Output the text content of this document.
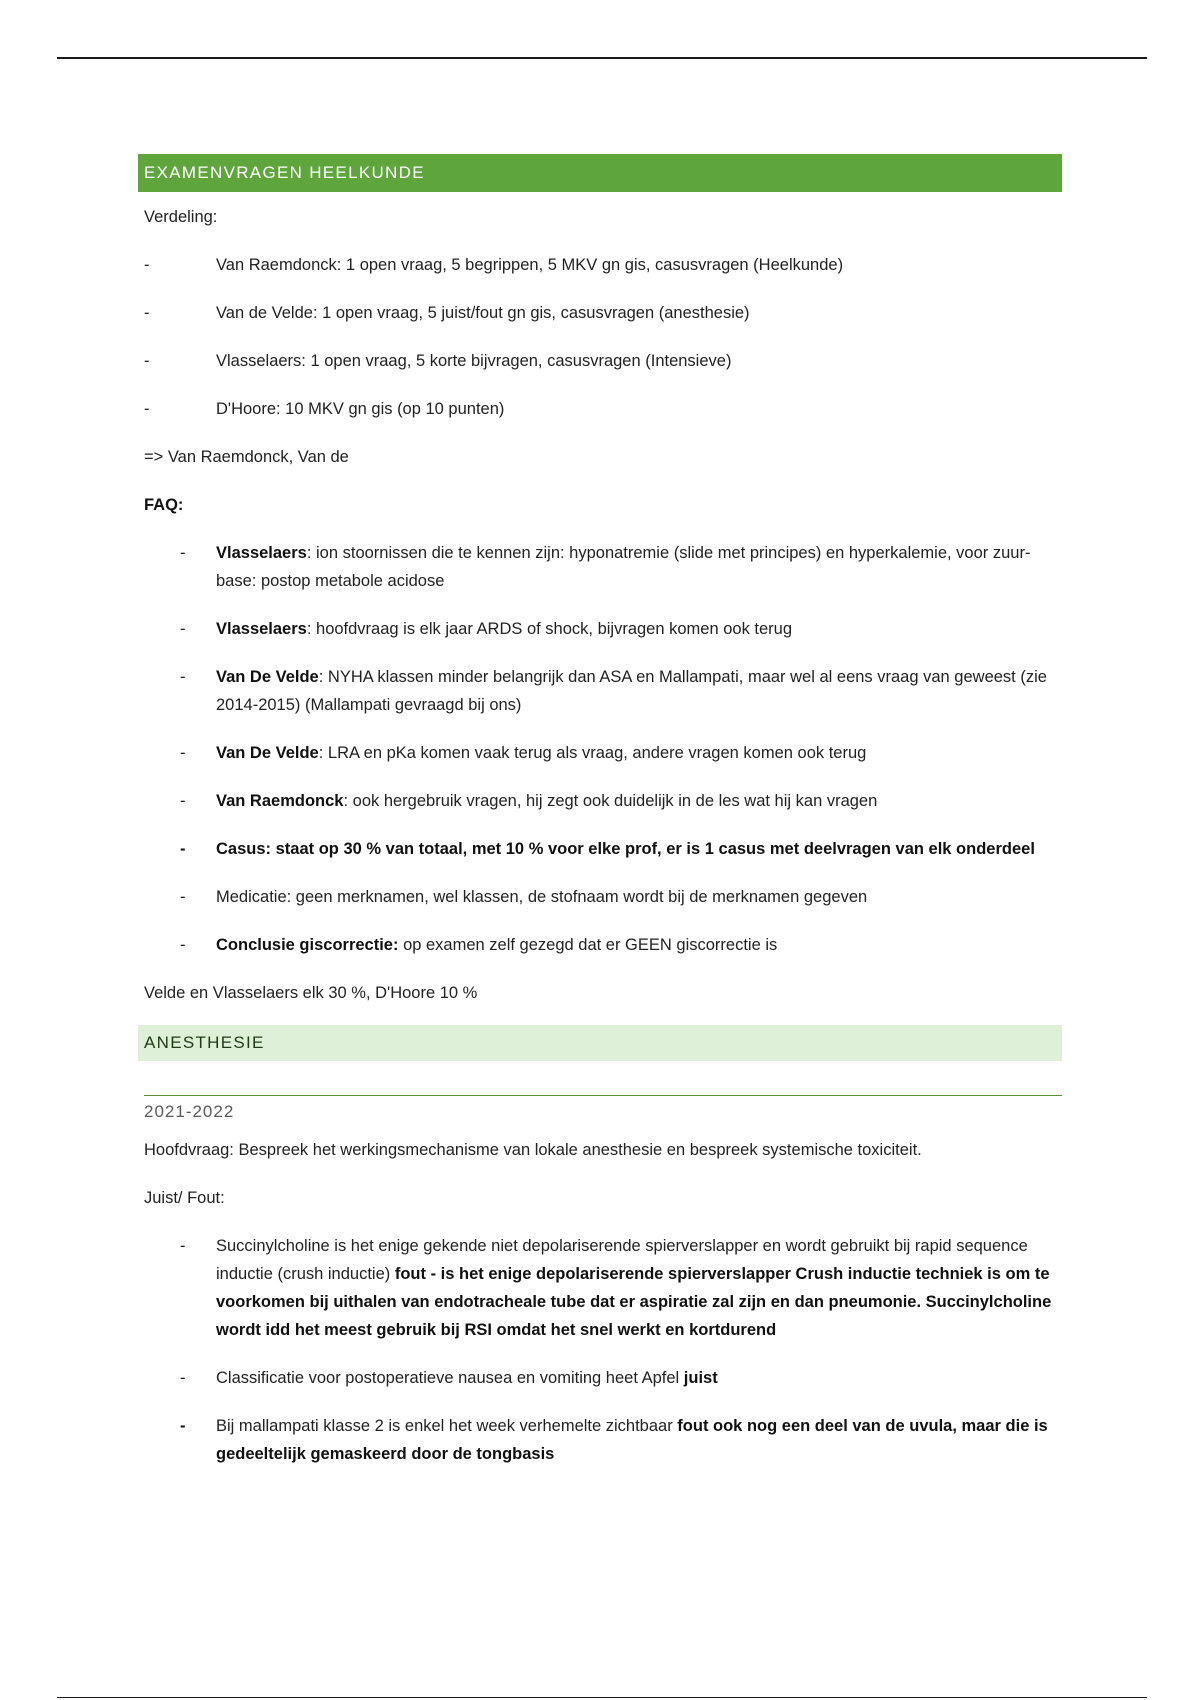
EXAMENVRAGEN HEELKUNDE

Verdeling:

-	Van Raemdonck: 1 open vraag, 5 begrippen, 5 MKV gn gis, casusvragen (Heelkunde)
-	Van de Velde: 1 open vraag, 5 juist/fout gn gis, casusvragen (anesthesie)
-	Vlasselaers: 1 open vraag, 5 korte bijvragen, casusvragen (Intensieve)
-	D'Hoore: 10 MKV gn gis (op 10 punten)

=> Van Raemdonck, Van de

FAQ:

- Vlasselaers: ion stoornissen die te kennen zijn: hyponatremie (slide met principes) en hyperkalemie, voor zuur-base: postop metabole acidose
- Vlasselaers: hoofdvraag is elk jaar ARDS of shock, bijvragen komen ook terug
- Van De Velde: NYHA klassen minder belangrijk dan ASA en Mallampati, maar wel al eens vraag van geweest (zie 2014-2015) (Mallampati gevraagd bij ons)
- Van De Velde: LRA en pKa komen vaak terug als vraag, andere vragen komen ook terug
- Van Raemdonck: ook hergebruik vragen, hij zegt ook duidelijk in de les wat hij kan vragen
- Casus: staat op 30 % van totaal, met 10 % voor elke prof, er is 1 casus met deelvragen van elk onderdeel
- Medicatie: geen merknamen, wel klassen, de stofnaam wordt bij de merknamen gegeven
- Conclusie giscorrectie: op examen zelf gezegd dat er GEEN giscorrectie is

Velde en Vlasselaers elk 30 %, D'Hoore 10 %

ANESTHESIE
2021-2022

Hoofdvraag: Bespreek het werkingsmechanisme van lokale anesthesie en bespreek systemische toxiciteit.

Juist/ Fout:

- Succinylcholine is het enige gekende niet depolariserende spierverslapper en wordt gebruikt bij rapid sequence inductie (crush inductie) fout - is het enige depolariserende spierverslapper Crush inductie techniek is om te voorkomen bij uithalen van endotracheale tube dat er aspiratie zal zijn en dan pneumonie. Succinylcholine wordt idd het meest gebruik bij RSI omdat het snel werkt en kortdurend
- Classificatie voor postoperatieve nausea en vomiting heet Apfel juist
- Bij mallampati klasse 2 is enkel het week verhemelte zichtbaar fout ook nog een deel van de uvula, maar die is gedeeltelijk gemaskeerd door de tongbasis
